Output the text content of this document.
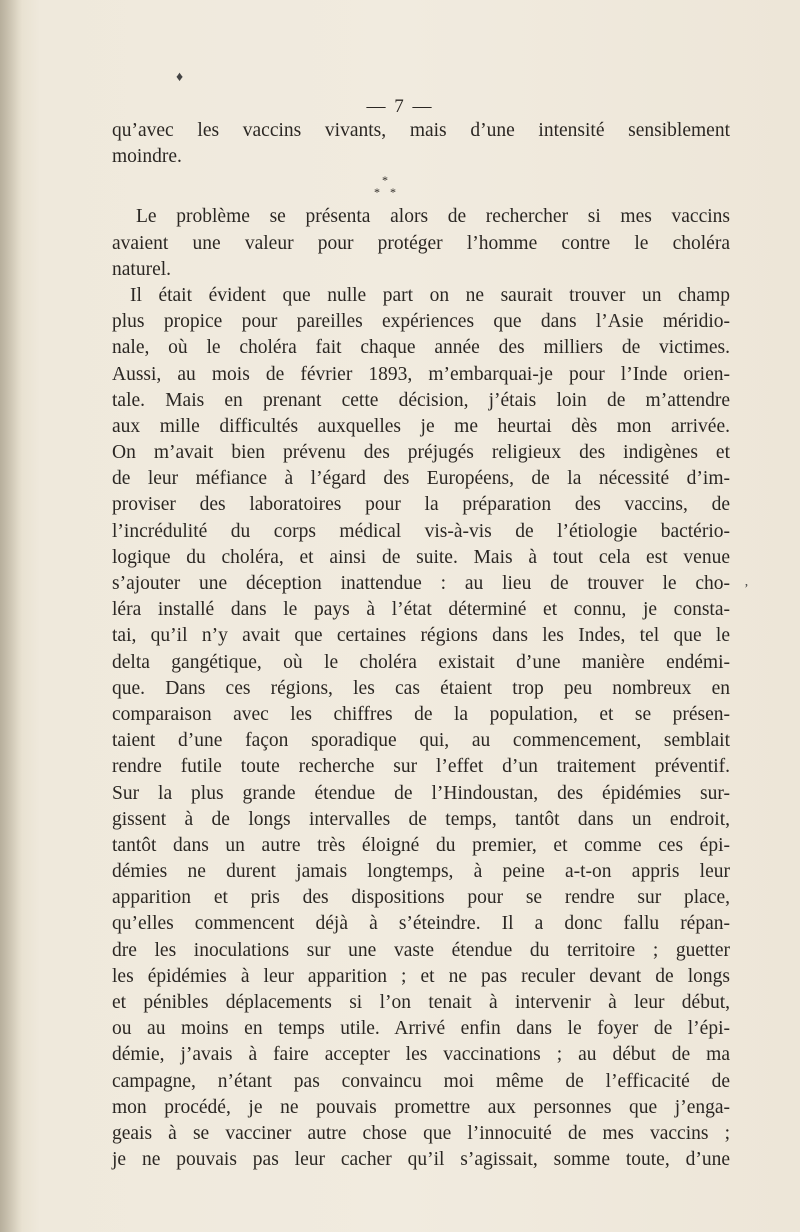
♦
— 7 —
qu’avec les vaccins vivants, mais d’une intensité sensiblement
moindre.
*
* *
Le problème se présenta alors de rechercher si mes vaccins
avaient une valeur pour protéger l’homme contre le choléra
naturel.
Il était évident que nulle part on ne saurait trouver un champ
plus propice pour pareilles expériences que dans l’Asie méridio-
nale, où le choléra fait chaque année des milliers de victimes.
Aussi, au mois de février 1893, m’embarquai-je pour l’Inde orien-
tale. Mais en prenant cette décision, j’étais loin de m’attendre
aux mille difficultés auxquelles je me heurtai dès mon arrivée.
On m’avait bien prévenu des préjugés religieux des indigènes et
de leur méfiance à l’égard des Européens, de la nécessité d’im-
proviser des laboratoires pour la préparation des vaccins, de
l’incrédulité du corps médical vis-à-vis de l’étiologie bactério-
logique du choléra, et ainsi de suite. Mais à tout cela est venue
s’ajouter une déception inattendue : au lieu de trouver le cho-
léra installé dans le pays à l’état déterminé et connu, je consta-
tai, qu’il n’y avait que certaines régions dans les Indes, tel que le
delta gangétique, où le choléra existait d’une manière endémi-
que. Dans ces régions, les cas étaient trop peu nombreux en
comparaison avec les chiffres de la population, et se présen-
taient d’une façon sporadique qui, au commencement, semblait
rendre futile toute recherche sur l’effet d’un traitement préventif.
Sur la plus grande étendue de l’Hindoustan, des épidémies sur-
gissent à de longs intervalles de temps, tantôt dans un endroit,
tantôt dans un autre très éloigné du premier, et comme ces épi-
démies ne durent jamais longtemps, à peine a-t-on appris leur
apparition et pris des dispositions pour se rendre sur place,
qu’elles commencent déjà à s’éteindre. Il a donc fallu répan-
dre les inoculations sur une vaste étendue du territoire ; guetter
les épidémies à leur apparition ; et ne pas reculer devant de longs
et pénibles déplacements si l’on tenait à intervenir à leur début,
ou au moins en temps utile. Arrivé enfin dans le foyer de l’épi-
démie, j’avais à faire accepter les vaccinations ; au début de ma
campagne, n’étant pas convaincu moi même de l’efficacité de
mon procédé, je ne pouvais promettre aux personnes que j’enga-
geais à se vacciner autre chose que l’innocuité de mes vaccins ;
je ne pouvais pas leur cacher qu’il s’agissait, somme toute, d’une
ʼ
